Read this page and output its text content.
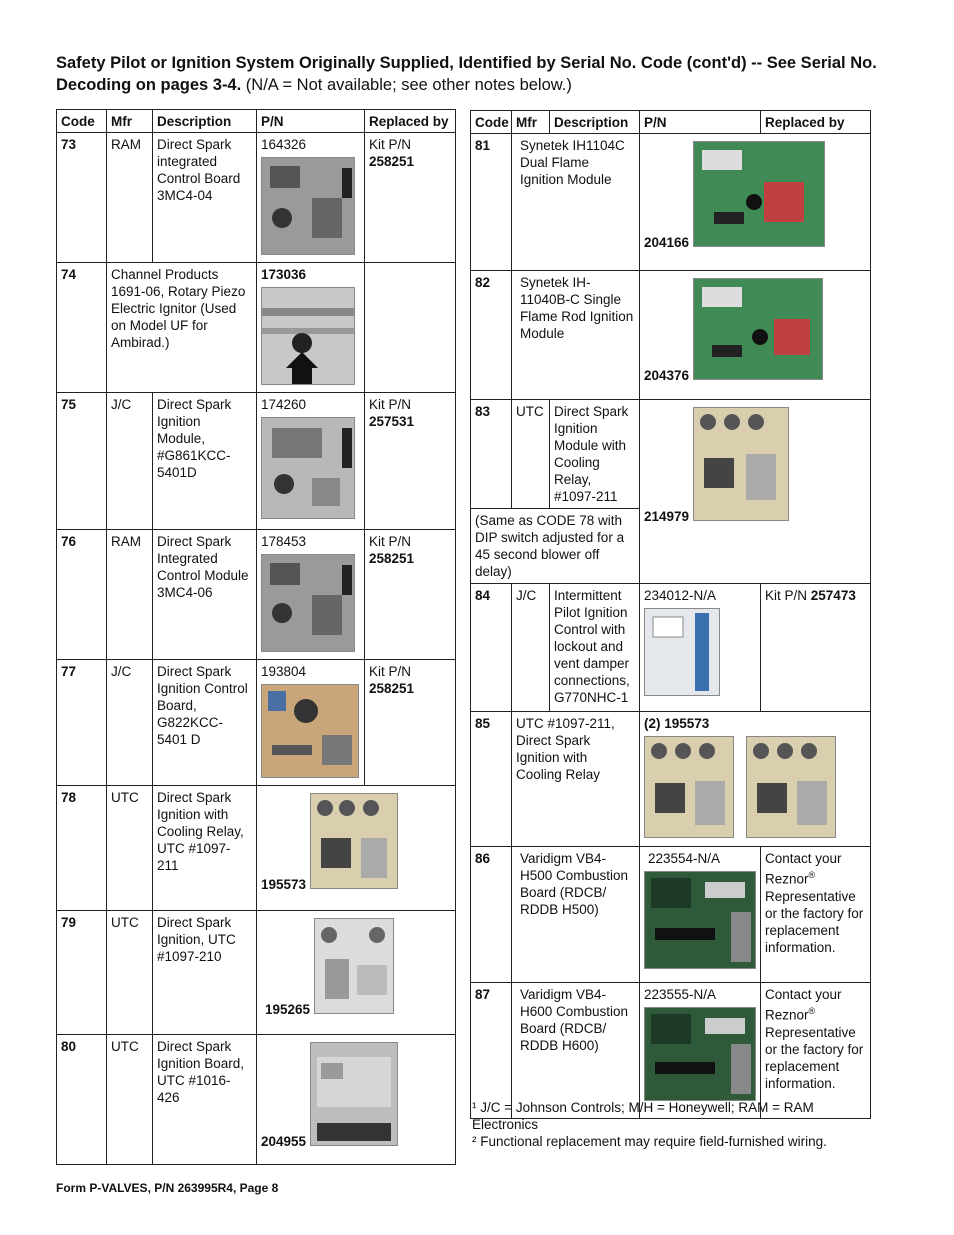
Safety Pilot or Ignition System Originally Supplied, Identified by Serial No. Code (cont'd) -- See Serial No. Decoding on pages 3-4. (N/A = Not available; see other notes below.)
Code	Mfr	Description	P/N	Replaced by
73	RAM	Direct Spark integrated Control Board 3MC4-04	164326	Kit P/N
258251
74	Channel Products 1691-06, Rotary Piezo Electric Ignitor (Used on Model UF for Ambirad.)		173036	
75	J/C	Direct Spark Ignition Module, #G861KCC-5401D	174260	Kit P/N
257531
76	RAM	Direct Spark Integrated Control Module 3MC4-06	178453	Kit P/N
258251
77	J/C	Direct Spark Ignition Control Board, G822KCC-5401 D	193804	Kit P/N
258251
78	UTC	Direct Spark Ignition with Cooling Relay, UTC #1097-211	195573	
79	UTC	Direct Spark Ignition, UTC #1097-210	195265	
80	UTC	Direct Spark Ignition Board, UTC #1016-426	204955	
Code	Mfr	Description	P/N	Replaced by
81	Synetek IH1104C Dual Flame Ignition Module		204166	
82	Synetek IH-11040B-C Single Flame Rod Ignition Module		204376	
83	UTC	Direct Spark Ignition Module with Cooling Relay, #1097-211	214979	
(Same as CODE 78 with DIP switch adjusted for a 45 second blower off delay)				
84	J/C	Intermittent Pilot Ignition Control with lockout and vent damper connections, G770NHC-1	234012-N/A	Kit P/N 257473
85	UTC #1097-211, Direct Spark Ignition with Cooling Relay		(2) 195573	

86	Varidigm VB4-H500 Combustion Board (RDCB/ RDDB H500)		223554-N/A	Contact your Reznor® Representative or the factory for replacement information.
87	Varidigm VB4-H600 Combustion Board (RDCB/ RDDB H600)		223555-N/A	Contact your Reznor® Representative or the factory for replacement information.
¹ J/C = Johnson Controls; M/H = Honeywell; RAM = RAM Electronics
² Functional replacement may require field-furnished wiring.
Form P-VALVES, P/N 263995R4, Page 8
